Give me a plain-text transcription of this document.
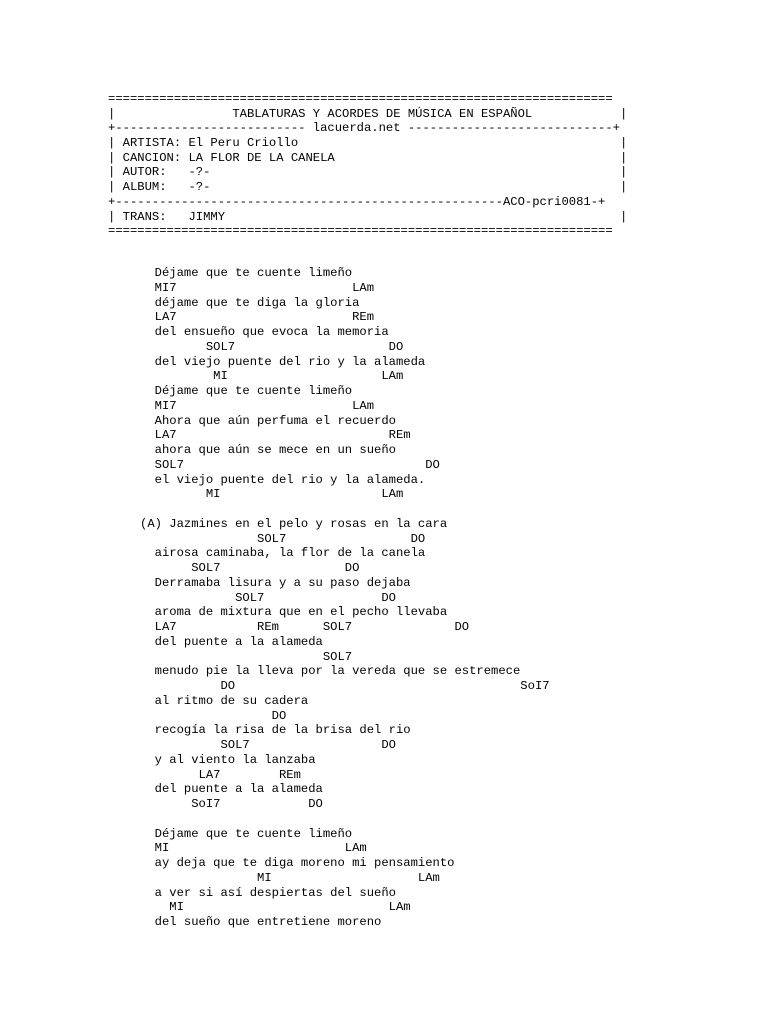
=====================================================================
|                TABLATURAS Y ACORDES DE MÚSICA EN ESPAÑOL            |
+-------------------------- lacuerda.net ----------------------------+
| ARTISTA: El Peru Criollo                                            |
| CANCION: LA FLOR DE LA CANELA                                       |
| AUTOR:   -?-                                                        |
| ALBUM:   -?-                                                        |
+-----------------------------------------------------ACO-pcri0081-+
| TRANS:   JIMMY                                                      |
=====================================================================
Déjame que te cuente limeño
MI7                        LAm
déjame que te diga la gloria
LA7                        REm
del ensueño que evoca la memoria
SOL7                     DO
del viejo puente del rio y la alameda
MI                     LAm
Déjame que te cuente limeño
MI7                        LAm
Ahora que aún perfuma el recuerdo
LA7                             REm
ahora que aún se mece en un sueño
SOL7                                 DO
el viejo puente del rio y la alameda.
MI                      LAm
(A) Jazmines en el pelo y rosas en la cara
SOL7                 DO
airosa caminaba, la flor de la canela
SOL7                 DO
Derramaba lisura y a su paso dejaba
SOL7                DO
aroma de mixtura que en el pecho llevaba
LA7           REm      SOL7              DO
del puente a la alameda
SOL7
menudo pie la lleva por la vereda que se estremece
DO                                       SoI7
al ritmo de su cadera
DO
recogía la risa de la brisa del rio
SOL7                  DO
y al viento la lanzaba
LA7        REm
del puente a la alameda
SoI7            DO
Déjame que te cuente limeño
MI                        LAm
ay deja que te diga moreno mi pensamiento
MI                    LAm
a ver si así despiertas del sueño
MI                            LAm
del sueño que entretiene moreno
